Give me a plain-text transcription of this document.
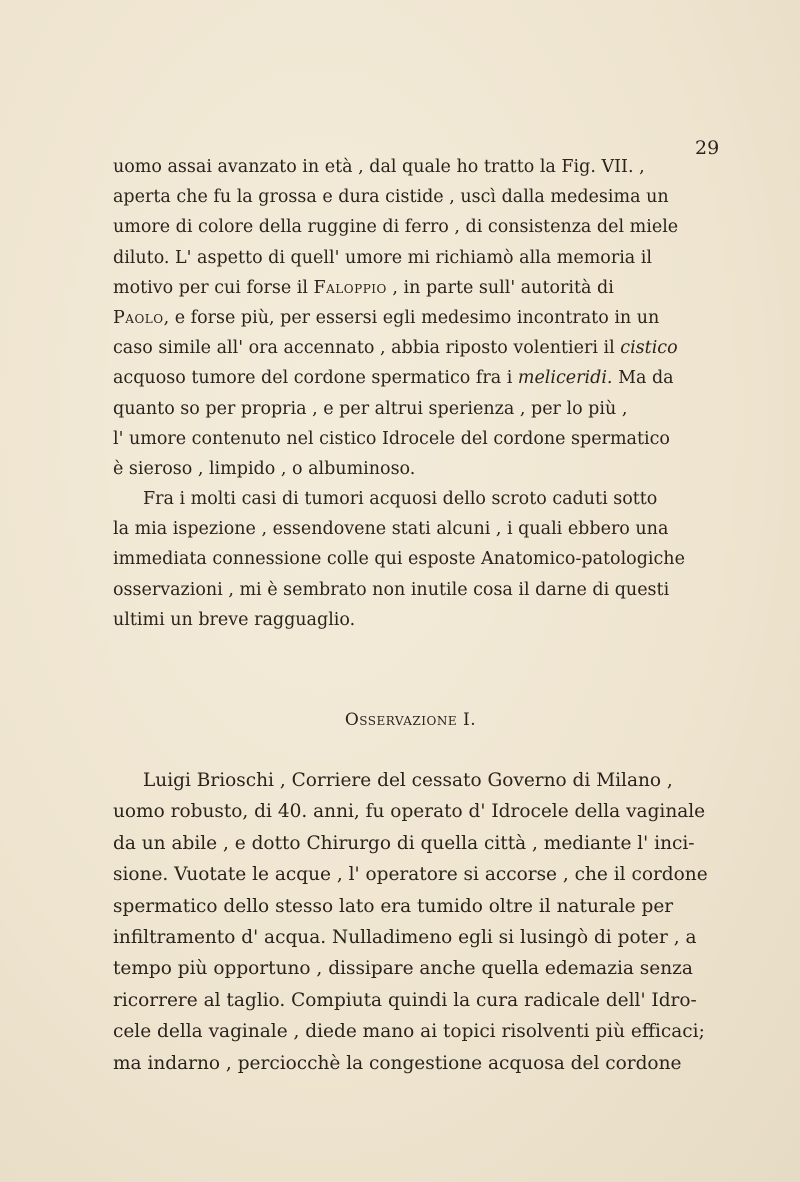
29
uomo assai avanzato in età , dal quale ho tratto la Fig. VII. ,
aperta che fu la grossa e dura cistide , uscì dalla medesima un
umore di colore della ruggine di ferro , di consistenza del miele
diluto. L' aspetto di quell' umore mi richiamò alla memoria il
motivo per cui forse il Faloppio , in parte sull' autorità di
Paolo, e forse più, per essersi egli medesimo incontrato in un
caso simile all' ora accennato , abbia riposto volentieri il cistico
acquoso tumore del cordone spermatico fra i meliceridi. Ma da
quanto so per propria , e per altrui sperienza , per lo più ,
l' umore contenuto nel cistico Idrocele del cordone spermatico
è sieroso , limpido , o albuminoso.
Fra i molti casi di tumori acquosi dello scroto caduti sotto
la mia ispezione , essendovene stati alcuni , i quali ebbero una
immediata connessione colle qui esposte Anatomico-patologiche
osservazioni , mi è sembrato non inutile cosa il darne di questi
ultimi un breve ragguaglio.
Osservazione I.
Luigi Brioschi , Corriere del cessato Governo di Milano ,
uomo robusto, di 40. anni, fu operato d' Idrocele della vaginale
da un abile , e dotto Chirurgo di quella città , mediante l' inci-
sione. Vuotate le acque , l' operatore si accorse , che il cordone
spermatico dello stesso lato era tumido oltre il naturale per
infiltramento d' acqua. Nulladimeno egli si lusingò di poter , a
tempo più opportuno , dissipare anche quella edemazia senza
ricorrere al taglio. Compiuta quindi la cura radicale dell' Idro-
cele della vaginale , diede mano ai topici risolventi più efficaci;
ma indarno , perciocchè la congestione acquosa del cordone
